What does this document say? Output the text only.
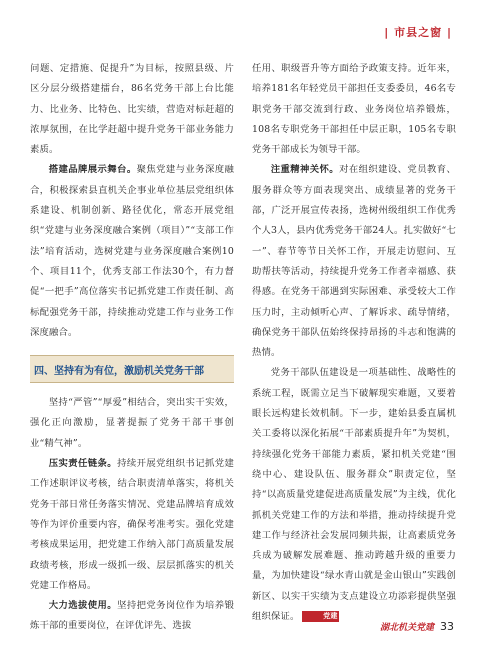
| 市县之窗 |

问题、定措施、促提升”为目标，按照县级、片区分层分级搭建擂台，86名党务干部上台比能力、比业务、比特色、比实绩，营造对标赶超的浓厚氛围，在比学赶超中提升党务干部业务能力素质。

搭建品牌展示舞台。聚焦党建与业务深度融合，积极探索县直机关企事业单位基层党组织体系建设、机制创新、路径优化，常态开展党组织“党建与业务深度融合案例（项目）”“支部工作法”培育活动，选树党建与业务深度融合案例10个、项目11个，优秀支部工作法30个，有力督促“一把手”高位落实书记抓党建工作责任制、高标配强党务干部，持续推动党建工作与业务工作深度融合。

四、坚持有为有位，激励机关党务干部

坚持“严管”“厚爱”相结合，突出实干实效，强化正向激励，显著提振了党务干部干事创业“精气神”。

压实责任链条。持续开展党组织书记抓党建工作述职评议考核，结合职责清单落实，将机关党务干部日常任务落实情况、党建品牌培育成效等作为评价重要内容，确保考准考实。强化党建考核成果运用，把党建工作纳入部门高质量发展政绩考核，形成一级抓一级、层层抓落实的机关党建工作格局。

大力选拔使用。坚持把党务岗位作为培养锻炼干部的重要岗位，在评优评先、选拔

任用、职级晋升等方面给予政策支持。近年来，培养181名年轻党员干部担任支委委员，46名专职党务干部交流到行政、业务岗位培养锻炼，108名专职党务干部担任中层正职，105名专职党务干部成长为领导干部。

注重精神关怀。对在组织建设、党员教育、服务群众等方面表现突出、成绩显著的党务干部，广泛开展宣传表扬，选树州级组织工作优秀个人3人，县内优秀党务干部24人。扎实做好“七一”、春节等节日关怀工作，开展走访慰问、互助帮扶等活动，持续提升党务工作者幸福感、获得感。在党务干部遇到实际困难、承受较大工作压力时，主动倾听心声、了解诉求、疏导情绪，确保党务干部队伍始终保持昂扬的斗志和饱满的热情。

党务干部队伍建设是一项基础性、战略性的系统工程，既需立足当下破解现实难题，又要着眼长远构建长效机制。下一步，建始县委直属机关工委将以深化拓展“干部素质提升年”为契机，持续强化党务干部能力素质，紧扣机关党建“围绕中心、建设队伍、服务群众”职责定位，坚持“以高质量党建促进高质量发展”为主线，优化抓机关党建工作的方法和举措，推动持续提升党建工作与经济社会发展同频共振，让高素质党务兵成为破解发展难题、推动跨越升级的重要力量，为加快建设“绿水青山就是金山银山”实践创新区、以实干实绩为支点建设立功添彩提供坚强组织保证。	党建

湖北机关党建 33
